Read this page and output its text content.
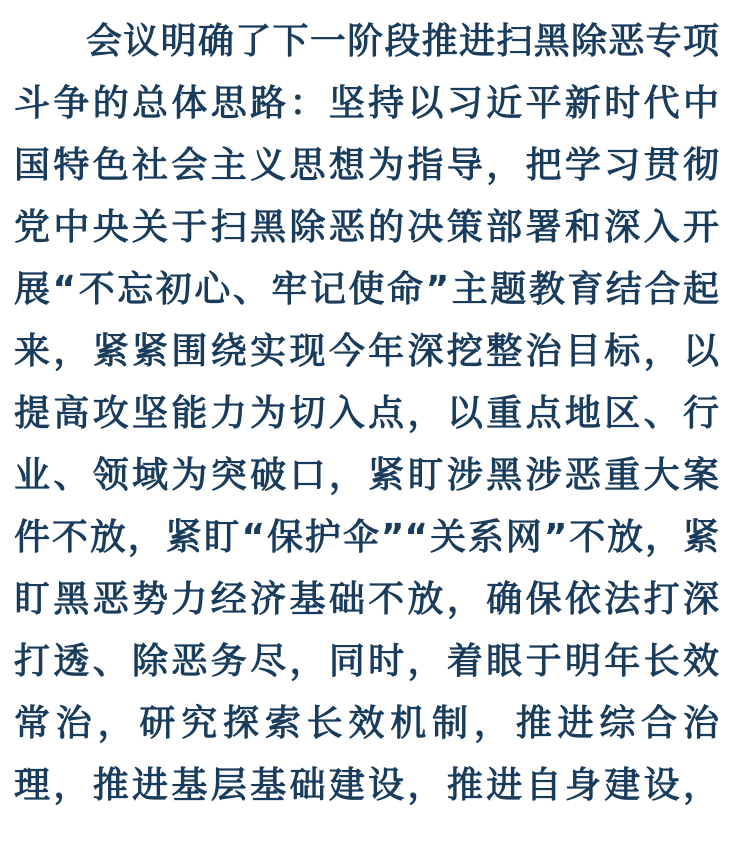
会议明确了下一阶段推进扫黑除恶专项
斗争的总体思路：坚持以习近平新时代中
国特色社会主义思想为指导，把学习贯彻
党中央关于扫黑除恶的决策部署和深入开
展“不忘初心、牢记使命”主题教育结合起
来，紧紧围绕实现今年深挖整治目标，以
提高攻坚能力为切入点，以重点地区、行
业、领域为突破口，紧盯涉黑涉恶重大案
件不放，紧盯“保护伞”“关系网”不放，紧
盯黑恶势力经济基础不放，确保依法打深
打透、除恶务尽，同时，着眼于明年长效
常治，研究探索长效机制，推进综合治
理，推进基层基础建设，推进自身建设，
